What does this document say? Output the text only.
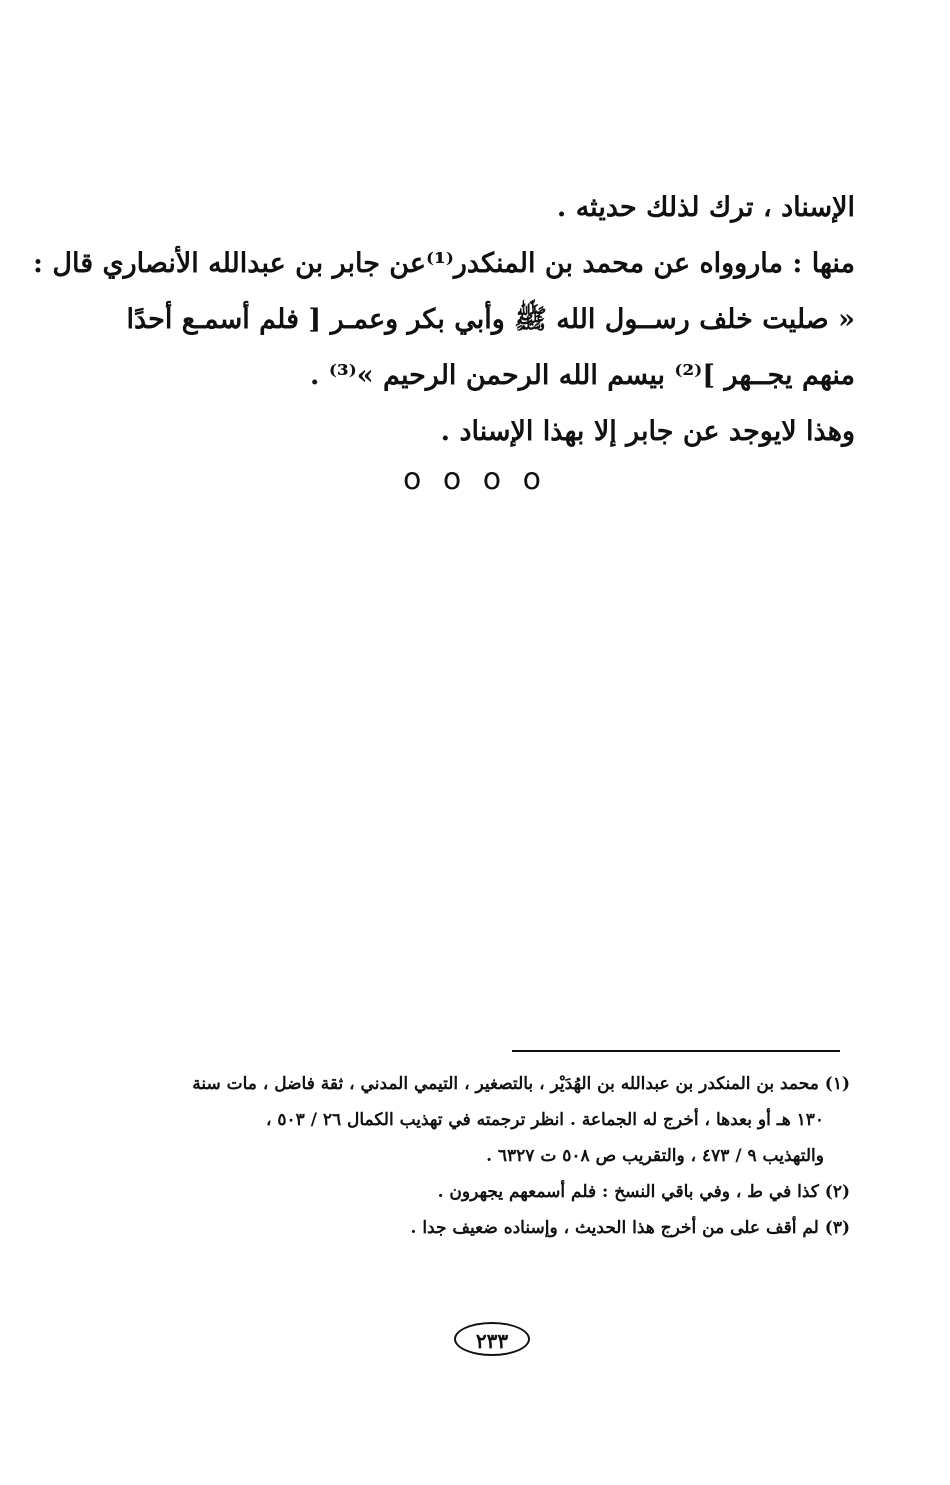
الإسناد ، ترك لذلك حديثه .
منها : ماروواه عن محمد بن المنكدر⁽¹⁾عن جابر بن عبدالله الأنصاري قال :
« صليت خلف رســول الله ﷺ وأبي بكر وعمـر [ فلم أسمـع أحدًا
منهم يجــهر ]⁽²⁾ بيسم الله الرحمن الرحيم »⁽³⁾ .
وهذا لايوجد عن جابر إلا بهذا الإسناد .
o o o o
(١) محمد بن المنكدر بن عبدالله بن الهُدَيْر ، بالتصغير ، التيمي المدني ، ثقة فاضل ، مات سنة
١٣٠ هـ أو بعدها ، أخرج له الجماعة . انظر ترجمته في تهذيب الكمال ٢٦ / ٥٠٣ ،
والتهذيب ٩ / ٤٧٣ ، والتقريب ص ٥٠٨ ت ٦٣٢٧ .
(٢) كذا في ط ، وفي باقي النسخ : فلم أسمعهم يجهرون .
(٣) لم أقف على من أخرج هذا الحديث ، وإسناده ضعيف جدا .
٢٣٣
